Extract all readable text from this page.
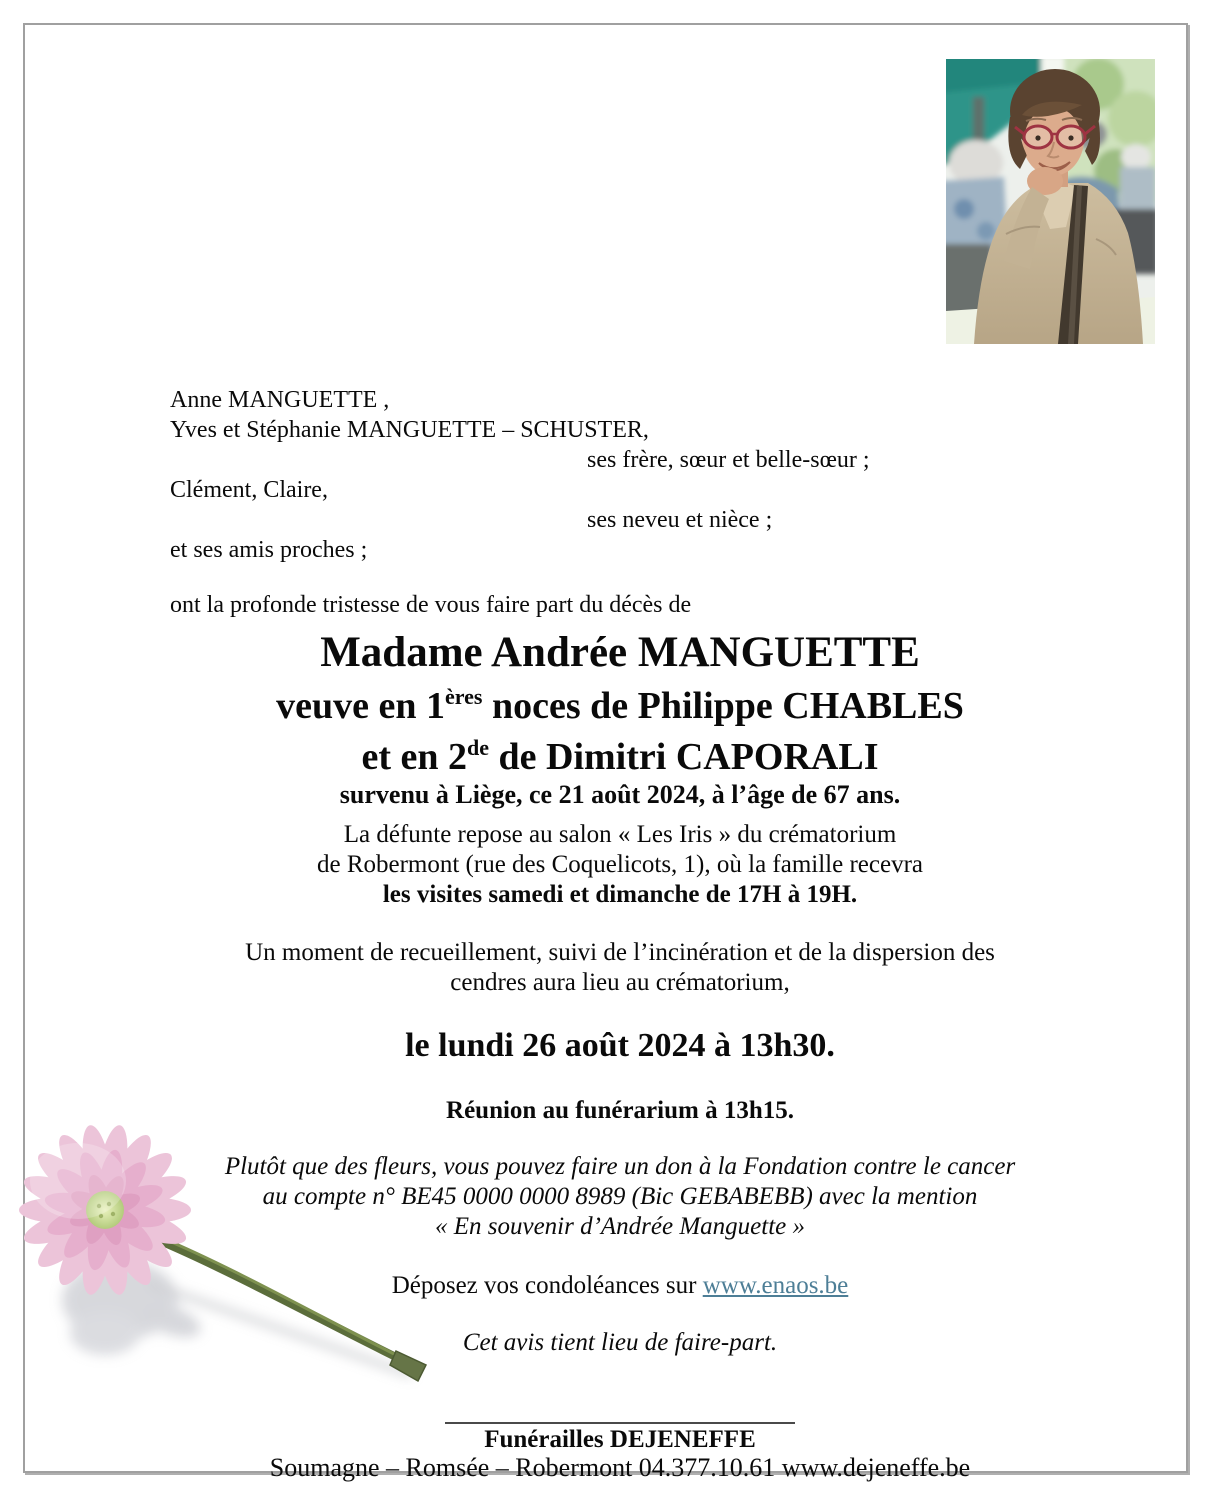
Anne MANGUETTE ,
Yves et Stéphanie MANGUETTE – SCHUSTER,
ses frère, sœur et belle-sœur ;
Clément, Claire,
ses neveu et nièce ;
et ses amis proches ;
ont la profonde tristesse de vous faire part du décès de
Madame Andrée MANGUETTE
veuve en 1ères noces de Philippe CHABLES
et en 2de de Dimitri CAPORALI
survenu à Liège, ce 21 août 2024, à l’âge de 67 ans.
La défunte repose au salon « Les Iris » du crématorium
de Robermont (rue des Coquelicots, 1), où la famille recevra
les visites samedi et dimanche de 17H à 19H.
Un moment de recueillement, suivi de l’incinération et de la dispersion des
cendres aura lieu au crématorium,
le lundi 26 août 2024 à 13h30.
Réunion au funérarium à 13h15.
Plutôt que des fleurs, vous pouvez faire un don à la Fondation contre le cancer
au compte n° BE45 0000 0000 8989 (Bic GEBABEBB) avec la mention
« En souvenir d’Andrée Manguette »
Déposez vos condoléances sur www.enaos.be
Cet avis tient lieu de faire-part.
Funérailles DEJENEFFE
Soumagne – Romsée – Robermont 04.377.10.61 www.dejeneffe.be
